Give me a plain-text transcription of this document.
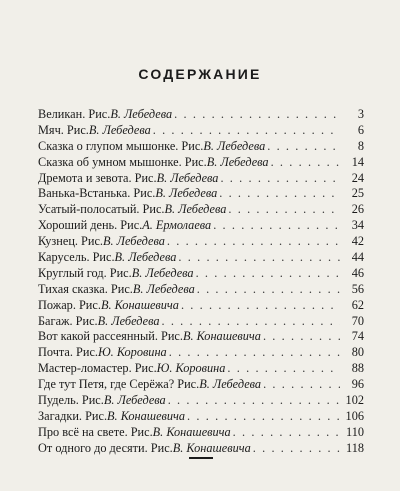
СОДЕРЖАНИЕ
Великан. Рис. В. Лебедева . . .	3
Мяч. Рис. В. Лебедева . . .	6
Сказка о глупом мышонке. Рис. В. Лебедева . . .	8
Сказка об умном мышонке. Рис. В. Лебедева . . .	14
Дремота и зевота. Рис. В. Лебедева . . .	24
Ванька-Встанька. Рис. В. Лебедева . . .	25
Усатый-полосатый. Рис. В. Лебедева . . .	26
Хороший день. Рис. А. Ермолаева . . .	34
Кузнец. Рис. В. Лебедева . . .	42
Карусель. Рис. В. Лебедева . . .	44
Круглый год. Рис. В. Лебедева . . .	46
Тихая сказка. Рис. В. Лебедева . . .	56
Пожар. Рис. В. Конашевича . . .	62
Багаж. Рис. В. Лебедева . . .	70
Вот какой рассеянный. Рис. В. Конашевича . . .	74
Почта. Рис. Ю. Коровина . . .	80
Мастер-ломастер. Рис. Ю. Коровина . . .	88
Где тут Петя, где Серёжа? Рис. В. Лебедева . . .	96
Пудель. Рис. В. Лебедева . . .	102
Загадки. Рис. В. Конашевича . . .	106
Про всё на свете. Рис. В. Конашевича . . .	110
От одного до десяти. Рис. В. Конашевича . . .	118
